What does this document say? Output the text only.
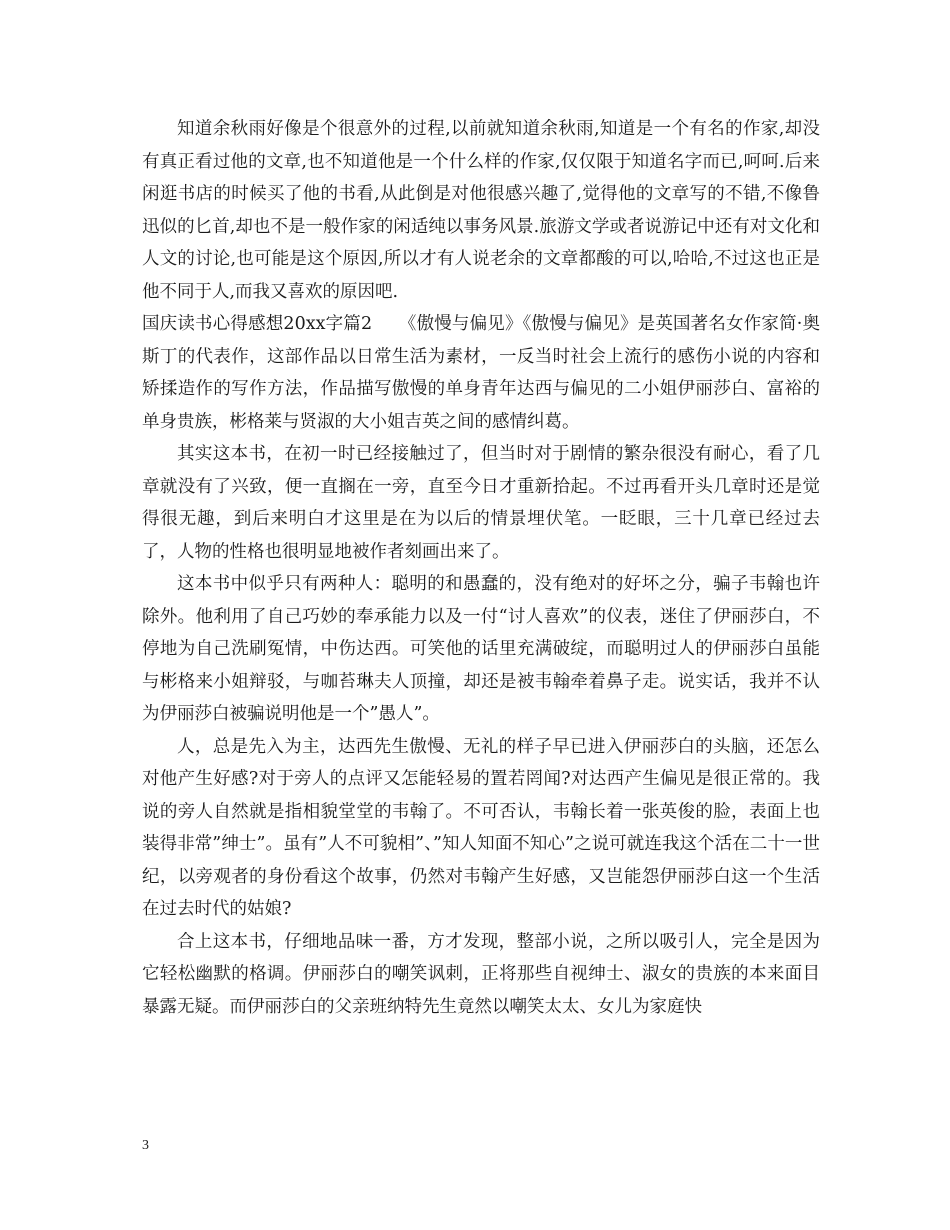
知道余秋雨好像是个很意外的过程,以前就知道余秋雨,知道是一个有名的作家,却没有真正看过他的文章,也不知道他是一个什么样的作家,仅仅限于知道名字而已,呵呵.后来闲逛书店的时候买了他的书看,从此倒是对他很感兴趣了,觉得他的文章写的不错,不像鲁迅似的匕首,却也不是一般作家的闲适纯以事务风景.旅游文学或者说游记中还有对文化和人文的讨论,也可能是这个原因,所以才有人说老余的文章都酸的可以,哈哈,不过这也正是他不同于人,而我又喜欢的原因吧.

国庆读书心得感想20xx字篇2　　《傲慢与偏见》《傲慢与偏见》是英国著名女作家简·奥斯丁的代表作，这部作品以日常生活为素材，一反当时社会上流行的感伤小说的内容和矫揉造作的写作方法，作品描写傲慢的单身青年达西与偏见的二小姐伊丽莎白、富裕的单身贵族，彬格莱与贤淑的大小姐吉英之间的感情纠葛。

其实这本书，在初一时已经接触过了，但当时对于剧情的繁杂很没有耐心，看了几章就没有了兴致，便一直搁在一旁，直至今日才重新拾起。不过再看开头几章时还是觉得很无趣，到后来明白才这里是在为以后的情景埋伏笔。一眨眼，三十几章已经过去了，人物的性格也很明显地被作者刻画出来了。

这本书中似乎只有两种人：聪明的和愚蠢的，没有绝对的好坏之分，骗子韦翰也许除外。他利用了自己巧妙的奉承能力以及一付“讨人喜欢”的仪表，迷住了伊丽莎白，不停地为自己洗刷冤情，中伤达西。可笑他的话里充满破绽，而聪明过人的伊丽莎白虽能与彬格来小姐辩驳，与咖苔琳夫人顶撞，却还是被韦翰牵着鼻子走。说实话，我并不认为伊丽莎白被骗说明他是一个”愚人”。

人，总是先入为主，达西先生傲慢、无礼的样子早已进入伊丽莎白的头脑，还怎么对他产生好感?对于旁人的点评又怎能轻易的置若罔闻?对达西产生偏见是很正常的。我说的旁人自然就是指相貌堂堂的韦翰了。不可否认，韦翰长着一张英俊的脸，表面上也装得非常”绅士”。虽有”人不可貌相”、”知人知面不知心”之说可就连我这个活在二十一世纪，以旁观者的身份看这个故事，仍然对韦翰产生好感，又岂能怨伊丽莎白这一个生活在过去时代的姑娘?

合上这本书，仔细地品味一番，方才发现，整部小说，之所以吸引人，完全是因为它轻松幽默的格调。伊丽莎白的嘲笑讽刺，正将那些自视绅士、淑女的贵族的本来面目暴露无疑。而伊丽莎白的父亲班纳特先生竟然以嘲笑太太、女儿为家庭快

3
